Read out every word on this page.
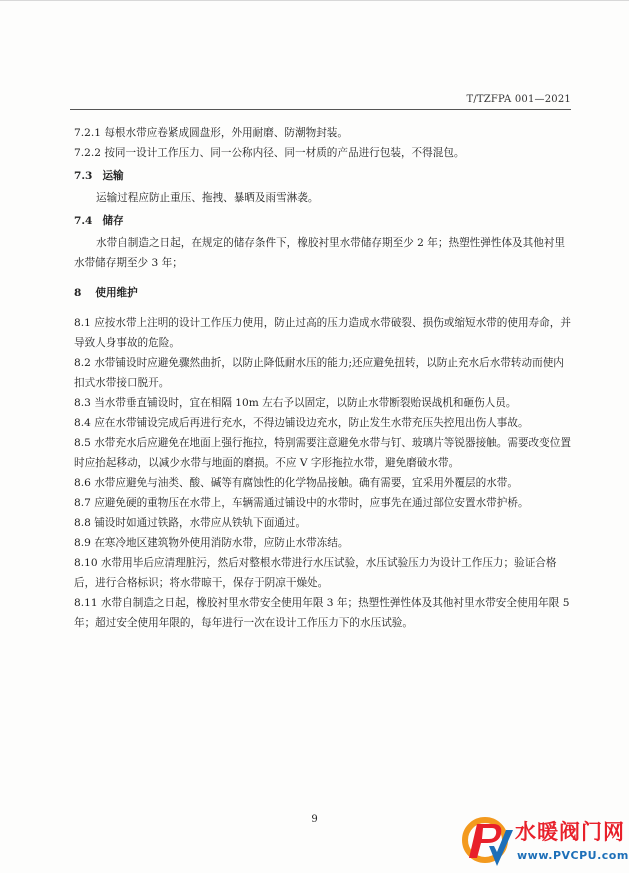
T/TZFPA 001—2021

7.2.1 每根水带应卷紧成圆盘形，外用耐磨、防潮物封装。

7.2.2 按同一设计工作压力、同一公称内径、同一材质的产品进行包装，不得混包。

7.3 运输

运输过程应防止重压、拖拽、暴晒及雨雪淋袭。

7.4 储存

水带自制造之日起，在规定的储存条件下，橡胶衬里水带储存期至少 2 年；热塑性弹性体及其他衬里水带储存期至少 3 年；

8 使用维护

8.1 应按水带上注明的设计工作压力使用，防止过高的压力造成水带破裂、损伤或缩短水带的使用寿命，并导致人身事故的危险。

8.2 水带铺设时应避免骤然曲折，以防止降低耐水压的能力;还应避免扭转，以防止充水后水带转动而使内扣式水带接口脱开。

8.3 当水带垂直铺设时，宜在相隔 10m 左右予以固定，以防止水带断裂贻误战机和砸伤人员。

8.4 应在水带铺设完成后再进行充水，不得边铺设边充水，防止发生水带充压失控甩出伤人事故。

8.5 水带充水后应避免在地面上强行拖拉，特别需要注意避免水带与钉、玻璃片等锐器接触。需要改变位置时应抬起移动，以减少水带与地面的磨损。不应 V 字形拖拉水带，避免磨破水带。

8.6 水带应避免与油类、酸、碱等有腐蚀性的化学物品接触。确有需要，宜采用外覆层的水带。

8.7 应避免硬的重物压在水带上，车辆需通过铺设中的水带时，应事先在通过部位安置水带护桥。

8.8 铺设时如通过铁路，水带应从铁轨下面通过。

8.9 在寒冷地区建筑物外使用消防水带，应防止水带冻结。

8.10 水带用毕后应清理脏污，然后对整根水带进行水压试验，水压试验压力为设计工作压力；验证合格后，进行合格标识；将水带晾干，保存于阴凉干燥处。

8.11 水带自制造之日起，橡胶衬里水带安全使用年限 3 年；热塑性弹性体及其他衬里水带安全使用年限 5 年；超过安全使用年限的，每年进行一次在设计工作压力下的水压试验。

9
水暖阀门网
www.PVCPU.com
